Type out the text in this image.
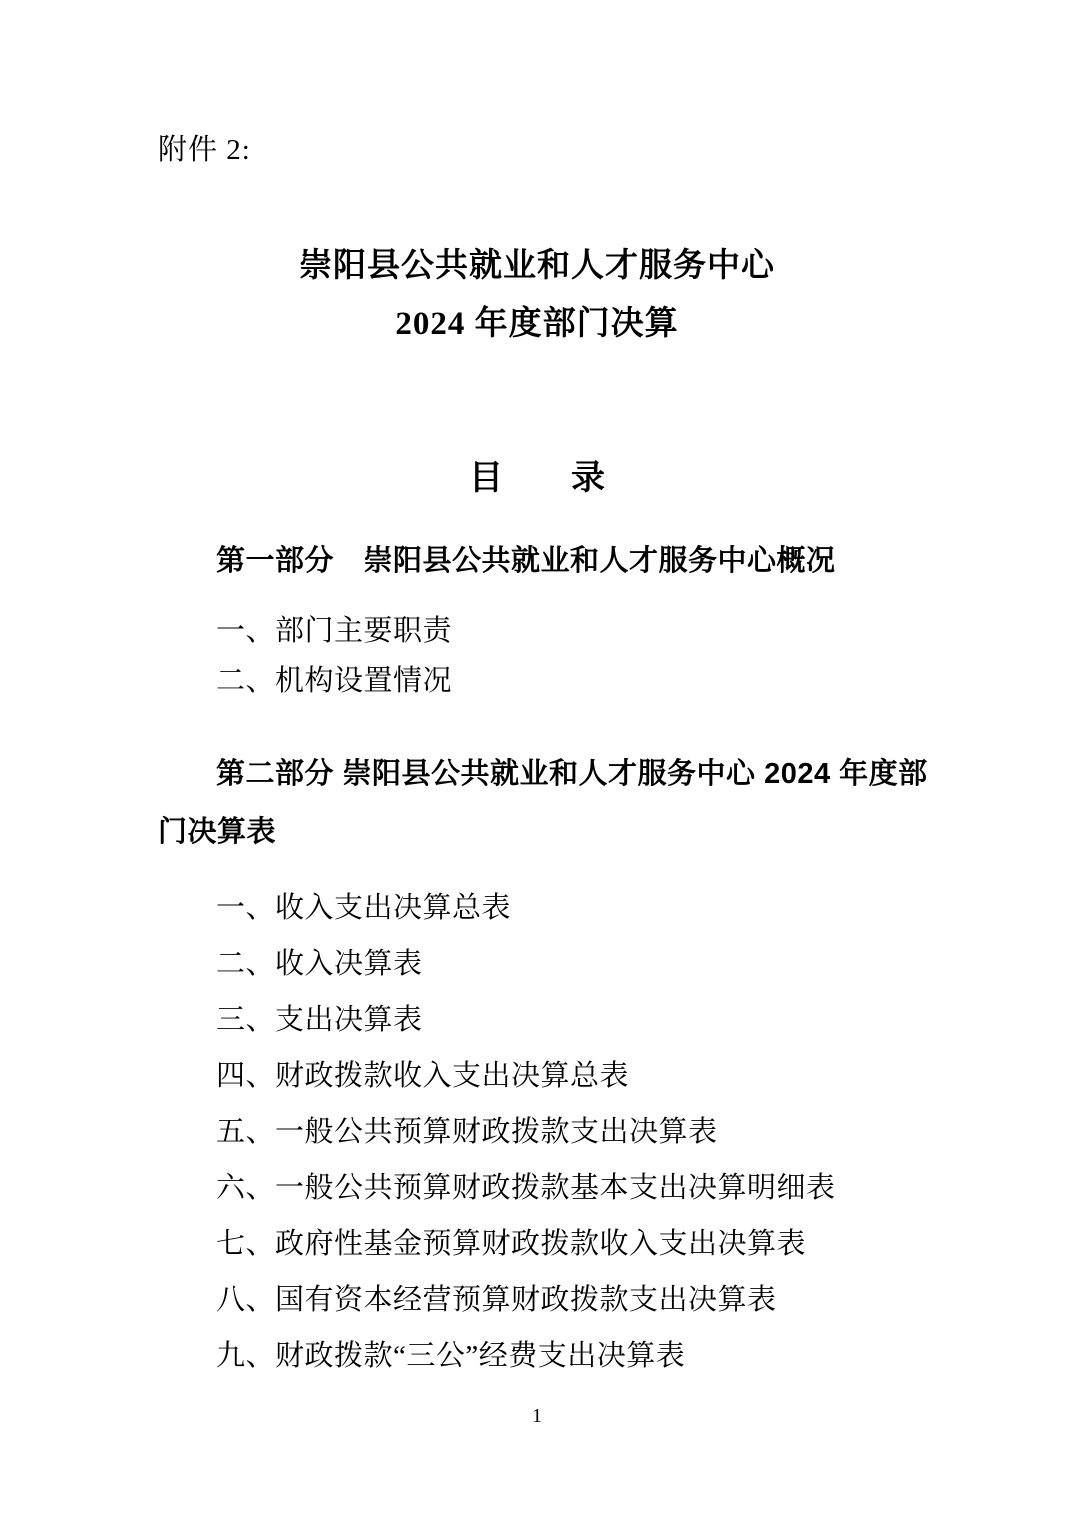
附件 2:
崇阳县公共就业和人才服务中心
2024 年度部门决算
目　　录
第一部分　崇阳县公共就业和人才服务中心概况
一、部门主要职责
二、机构设置情况
第二部分 崇阳县公共就业和人才服务中心 2024 年度部
门决算表
一、收入支出决算总表
二、收入决算表
三、支出决算表
四、财政拨款收入支出决算总表
五、一般公共预算财政拨款支出决算表
六、一般公共预算财政拨款基本支出决算明细表
七、政府性基金预算财政拨款收入支出决算表
八、国有资本经营预算财政拨款支出决算表
九、财政拨款“三公”经费支出决算表
1
